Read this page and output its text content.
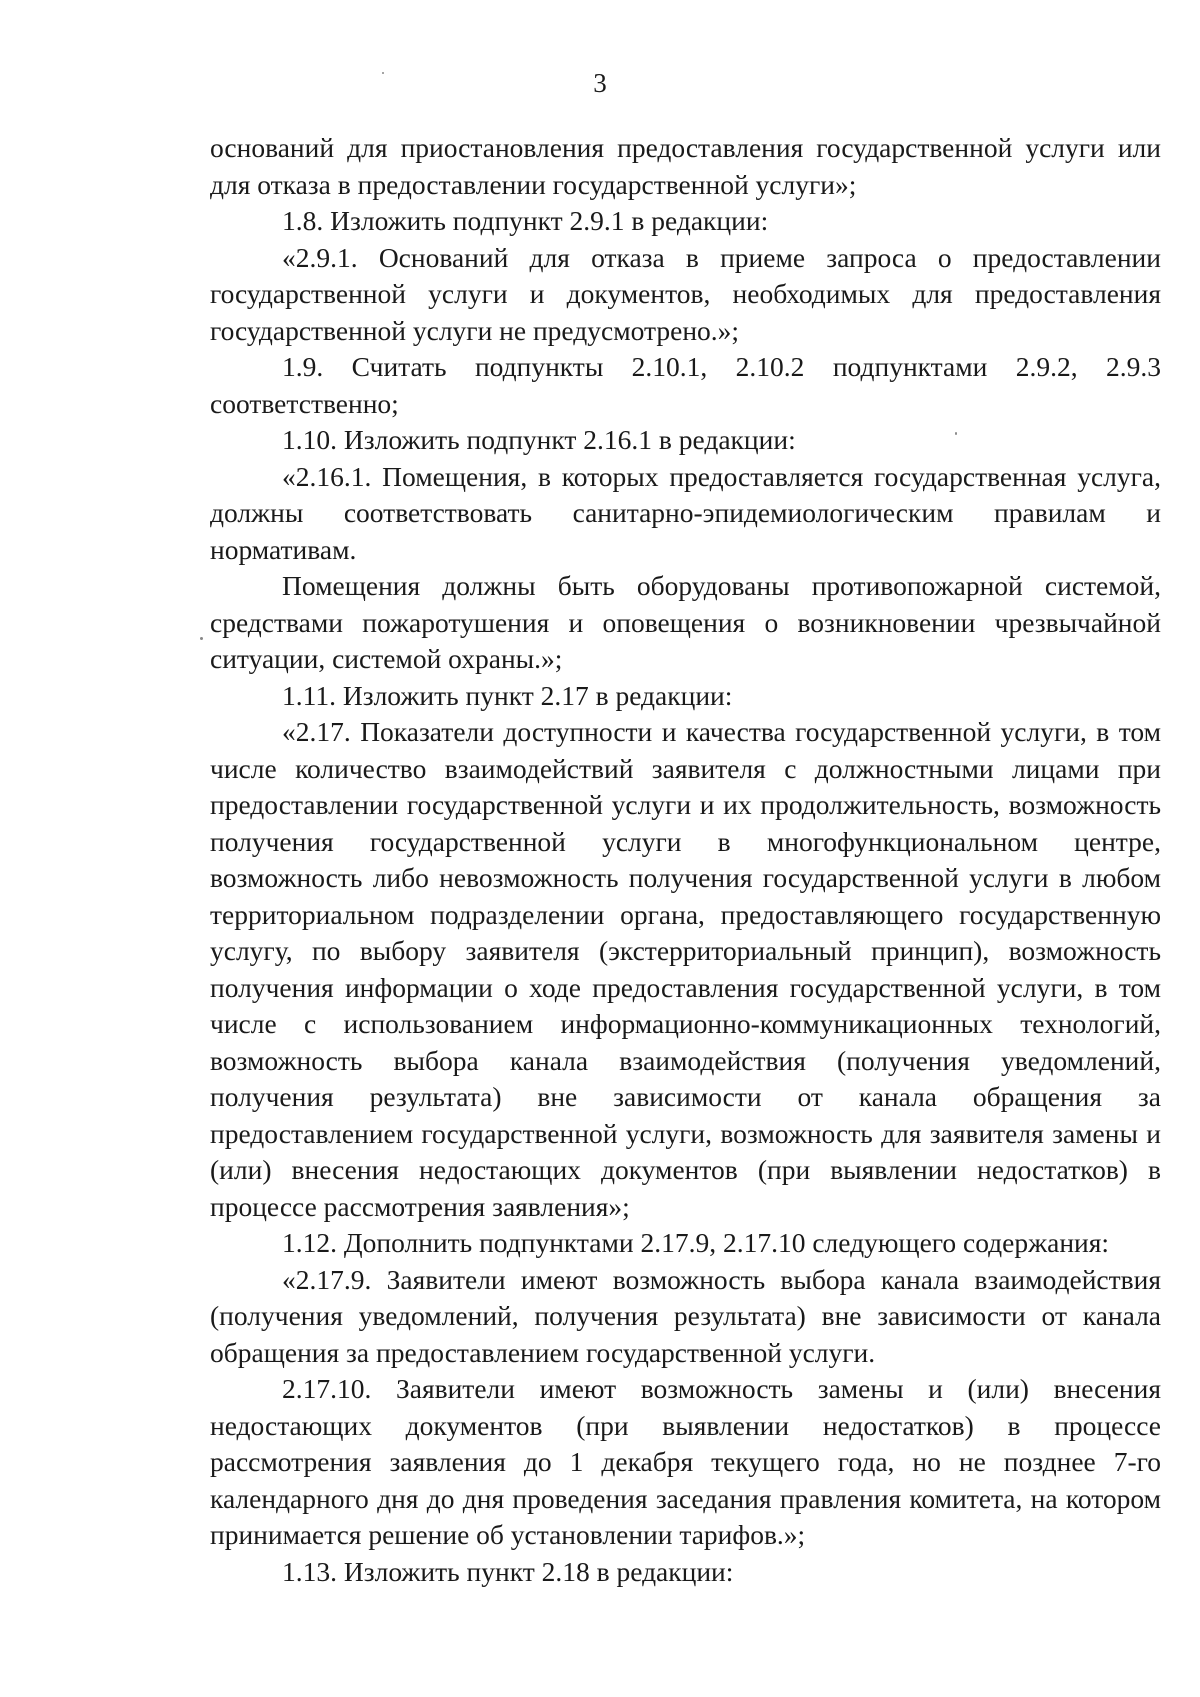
3

оснований для приостановления предоставления государственной услуги или для отказа в предоставлении государственной услуги»;

1.8. Изложить подпункт 2.9.1 в редакции:

«2.9.1. Оснований для отказа в приеме запроса о предоставлении государственной услуги и документов, необходимых для предоставления государственной услуги не предусмотрено.»;

1.9. Считать подпункты 2.10.1, 2.10.2 подпунктами 2.9.2, 2.9.3 соответственно;

1.10. Изложить подпункт 2.16.1 в редакции:

«2.16.1. Помещения, в которых предоставляется государственная услуга, должны соответствовать санитарно-эпидемиологическим правилам и нормативам.

Помещения должны быть оборудованы противопожарной системой, средствами пожаротушения и оповещения о возникновении чрезвычайной ситуации, системой охраны.»;

1.11. Изложить пункт 2.17 в редакции:

«2.17. Показатели доступности и качества государственной услуги, в том числе количество взаимодействий заявителя с должностными лицами при предоставлении государственной услуги и их продолжительность, возможность получения государственной услуги в многофункциональном центре, возможность либо невозможность получения государственной услуги в любом территориальном подразделении органа, предоставляющего государственную услугу, по выбору заявителя (экстерриториальный принцип), возможность получения информации о ходе предоставления государственной услуги, в том числе с использованием информационно-коммуникационных технологий, возможность выбора канала взаимодействия (получения уведомлений, получения результата) вне зависимости от канала обращения за предоставлением государственной услуги, возможность для заявителя замены и (или) внесения недостающих документов (при выявлении недостатков) в процессе рассмотрения заявления»;

1.12. Дополнить подпунктами 2.17.9, 2.17.10 следующего содержания:

«2.17.9. Заявители имеют возможность выбора канала взаимодействия (получения уведомлений, получения результата) вне зависимости от канала обращения за предоставлением государственной услуги.

2.17.10. Заявители имеют возможность замены и (или) внесения недостающих документов (при выявлении недостатков) в процессе рассмотрения заявления до 1 декабря текущего года, но не позднее 7-го календарного дня до дня проведения заседания правления комитета, на котором принимается решение об установлении тарифов.»;

1.13. Изложить пункт 2.18 в редакции:
